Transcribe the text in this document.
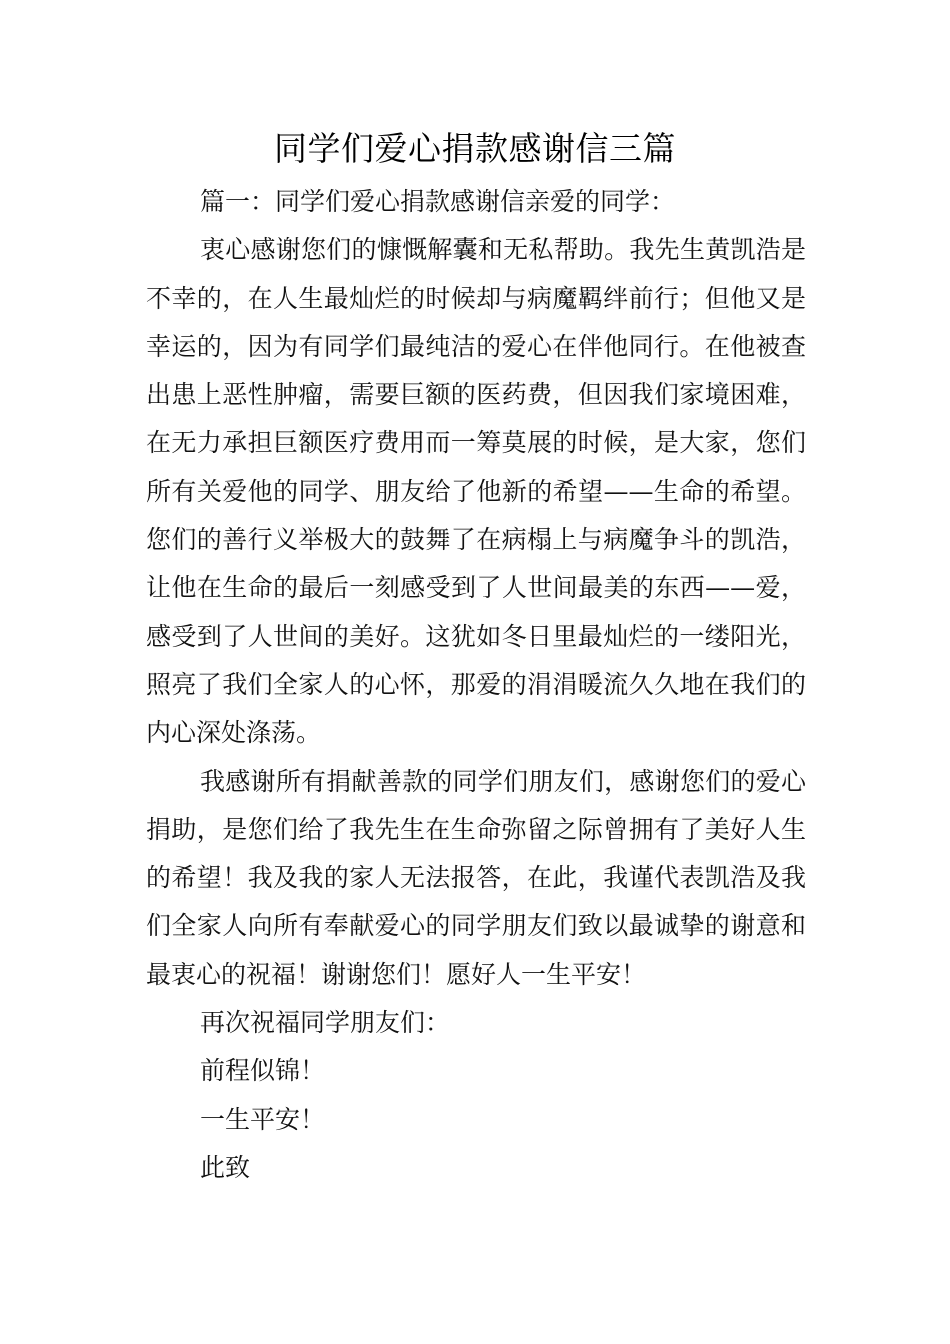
同学们爱心捐款感谢信三篇

篇一：同学们爱心捐款感谢信亲爱的同学：

衷心感谢您们的慷慨解囊和无私帮助。我先生黄凯浩是不幸的，在人生最灿烂的时候却与病魔羁绊前行；但他又是幸运的，因为有同学们最纯洁的爱心在伴他同行。在他被查出患上恶性肿瘤，需要巨额的医药费，但因我们家境困难，在无力承担巨额医疗费用而一筹莫展的时候，是大家，您们所有关爱他的同学、朋友给了他新的希望——生命的希望。您们的善行义举极大的鼓舞了在病榻上与病魔争斗的凯浩，让他在生命的最后一刻感受到了人世间最美的东西——爱，感受到了人世间的美好。这犹如冬日里最灿烂的一缕阳光，照亮了我们全家人的心怀，那爱的涓涓暖流久久地在我们的内心深处涤荡。

我感谢所有捐献善款的同学们朋友们，感谢您们的爱心捐助，是您们给了我先生在生命弥留之际曾拥有了美好人生的希望！我及我的家人无法报答，在此，我谨代表凯浩及我们全家人向所有奉献爱心的同学朋友们致以最诚挚的谢意和最衷心的祝福！谢谢您们！愿好人一生平安！

再次祝福同学朋友们：

前程似锦！

一生平安！

此致
